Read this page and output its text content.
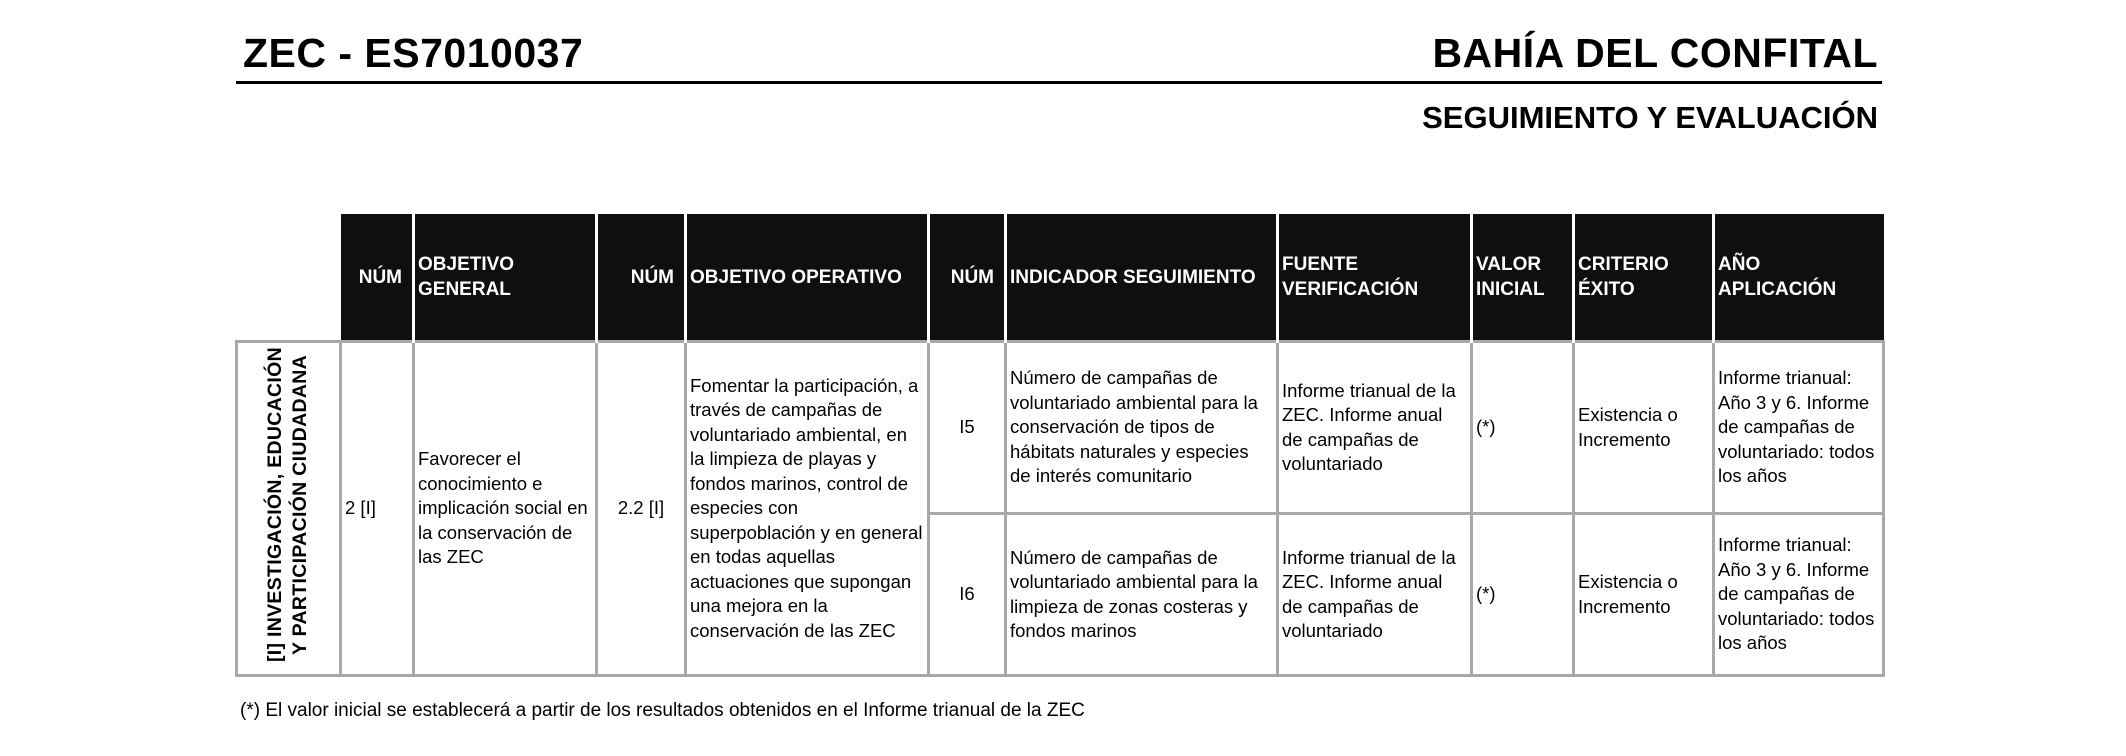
ZEC - ES7010037	BAHÍA DEL CONFITAL
SEGUIMIENTO Y EVALUACIÓN
	NÚM	OBJETIVO GENERAL	NÚM	OBJETIVO OPERATIVO	NÚM	INDICADOR SEGUIMIENTO	FUENTE VERIFICACIÓN	VALOR INICIAL	CRITERIO ÉXITO	AÑO APLICACIÓN
[I] INVESTIGACIÓN, EDUCACIÓN Y PARTICIPACIÓN CIUDADANA	2 [I]	Favorecer el conocimiento e implicación social en la conservación de las ZEC	2.2 [I]	Fomentar la participación, a través de campañas de voluntariado ambiental, en la limpieza de playas y fondos marinos, control de especies con superpoblación y en general en todas aquellas actuaciones que supongan una mejora en la conservación de las ZEC	I5	Número de campañas de voluntariado ambiental para la conservación de tipos de hábitats naturales y especies de interés comunitario	Informe trianual de la ZEC. Informe anual de campañas de voluntariado	(*)	Existencia o Incremento	Informe trianual: Año 3 y 6. Informe de campañas de voluntariado: todos los años
					I6	Número de campañas de voluntariado ambiental para la limpieza de zonas costeras y fondos marinos	Informe trianual de la ZEC. Informe anual de campañas de voluntariado	(*)	Existencia o Incremento	Informe trianual: Año 3 y 6. Informe de campañas de voluntariado: todos los años
(*) El valor inicial se establecerá a partir de los resultados obtenidos en el Informe trianual de la ZEC
